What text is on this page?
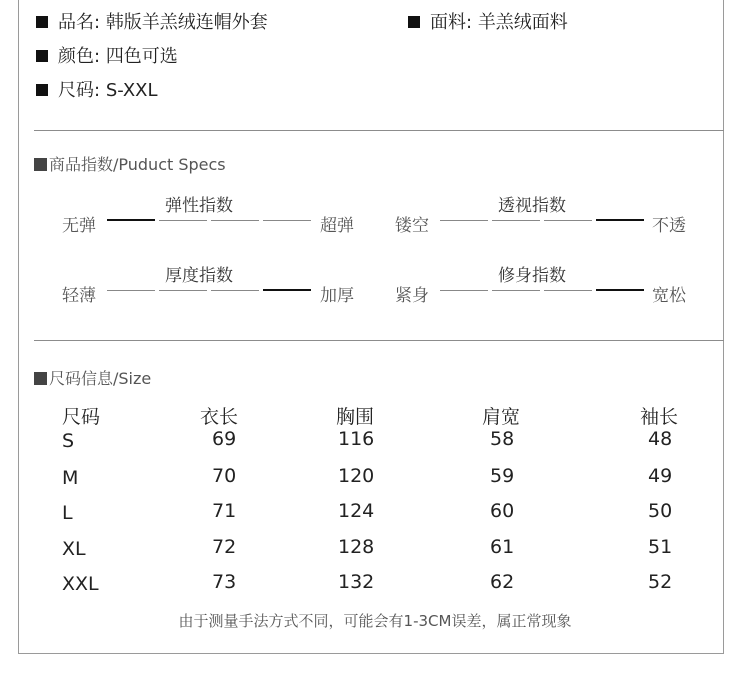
品名: 韩版羊羔绒连帽外套	面料: 羊羔绒面料
颜色: 四色可选
尺码: S-XXL
商品指数/Puduct Specs
弹性指数
无弹	超弹
透视指数
镂空	不透
厚度指数
轻薄	加厚
修身指数
紧身	宽松
尺码信息/Size
由于测量手法方式不同，可能会有1-3CM误差，属正常现象
尺码	衣长	胸围	肩宽	袖长
S	69	116	58	48
M	70	120	59	49
L	71	124	60	50
XL	72	128	61	51
XXL	73	132	62	52
